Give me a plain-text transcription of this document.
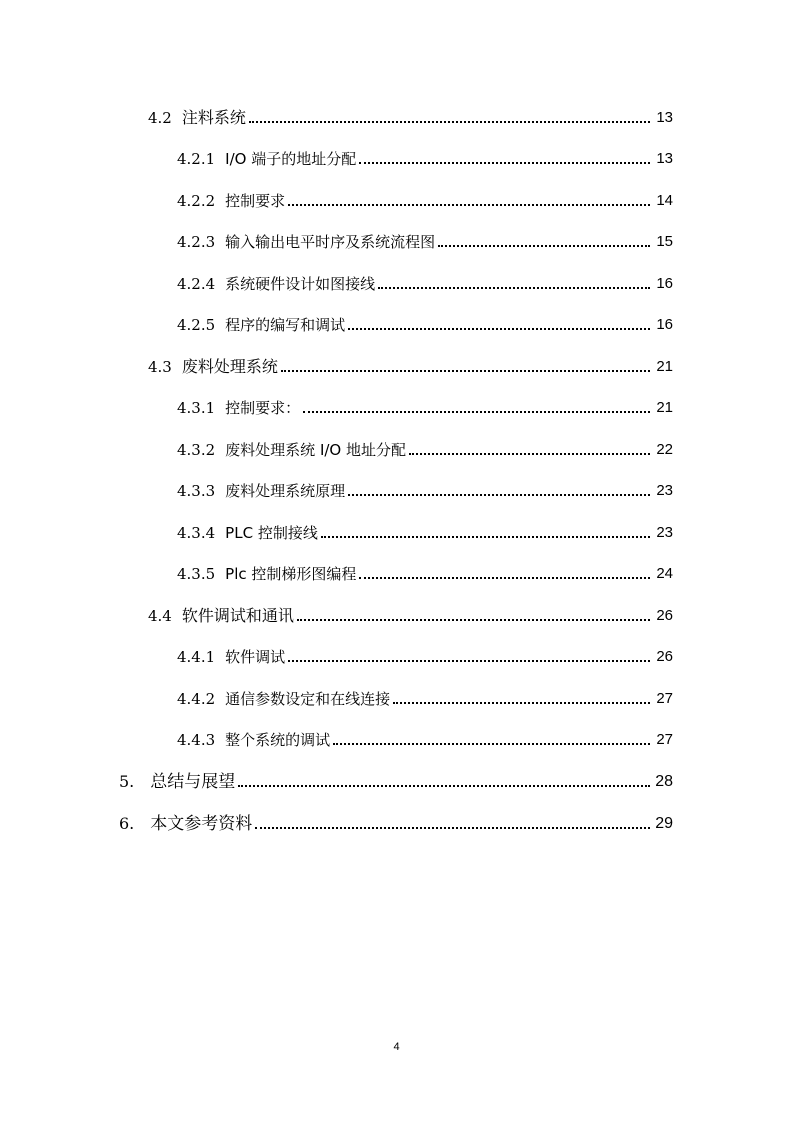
4.2 注料系统	13
4.2.1 I/O 端子的地址分配	13
4.2.2 控制要求	14
4.2.3 输入输出电平时序及系统流程图	15
4.2.4 系统硬件设计如图接线	16
4.2.5 程序的编写和调试	16
4.3 废料处理系统	21
4.3.1 控制要求：	21
4.3.2 废料处理系统 I/O 地址分配	22
4.3.3 废料处理系统原理	23
4.3.4 PLC 控制接线	23
4.3.5 Plc 控制梯形图编程	24
4.4 软件调试和通讯	26
4.4.1 软件调试	26
4.4.2 通信参数设定和在线连接	27
4.4.3 整个系统的调试	27
5. 总结与展望	28
6. 本文参考资料	29
4
